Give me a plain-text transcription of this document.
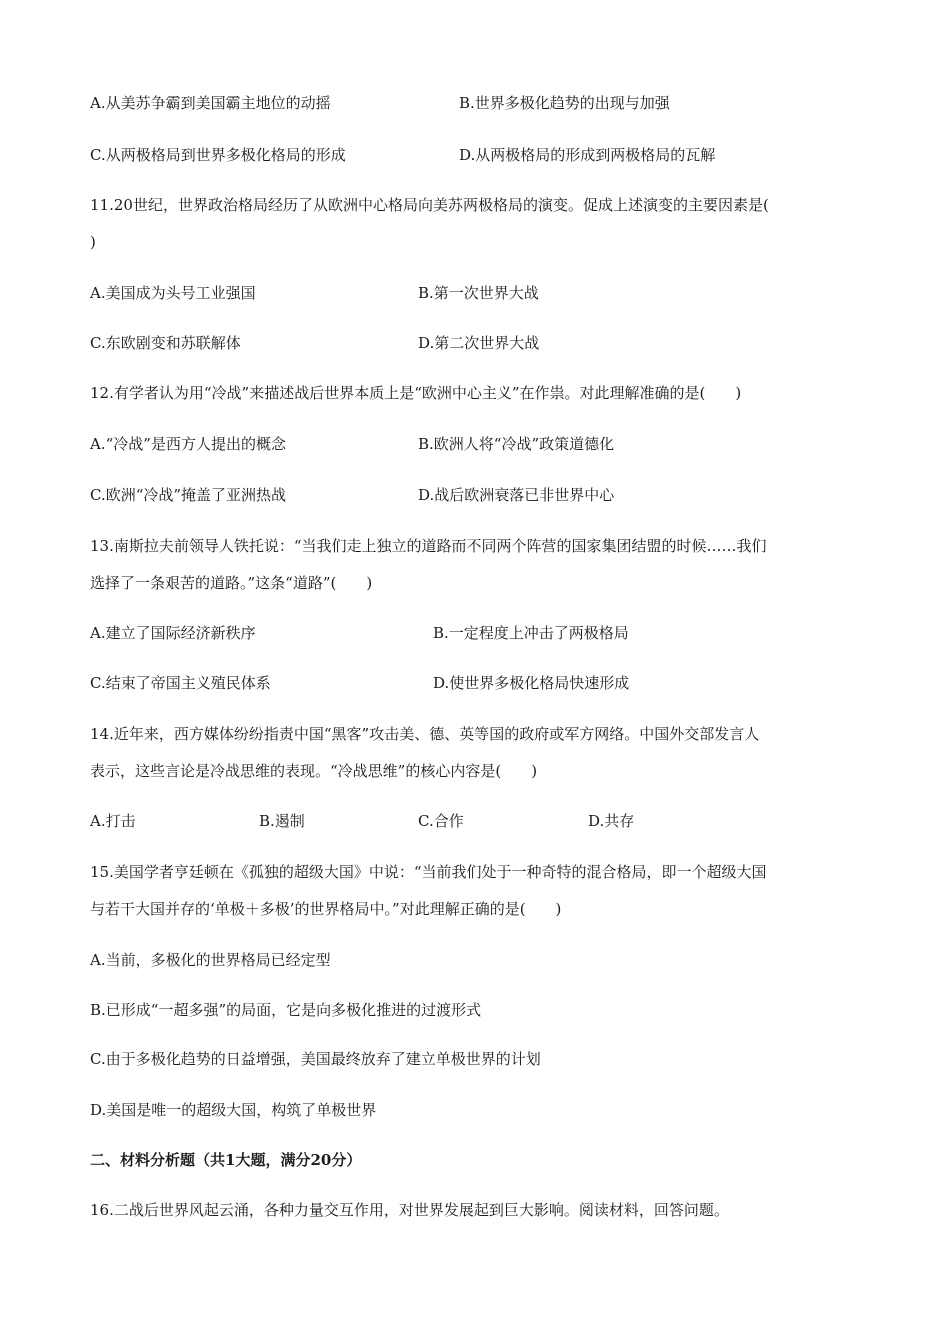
A.从美苏争霸到美国霸主地位的动摇	B.世界多极化趋势的出现与加强
C.从两极格局到世界多极化格局的形成	D.从两极格局的形成到两极格局的瓦解
11.20世纪，世界政治格局经历了从欧洲中心格局向美苏两极格局的演变。促成上述演变的主要因素是(
)
A.美国成为头号工业强国	B.第一次世界大战
C.东欧剧变和苏联解体	D.第二次世界大战
12.有学者认为用“冷战”来描述战后世界本质上是“欧洲中心主义”在作祟。对此理解准确的是(　　)
A.“冷战”是西方人提出的概念	B.欧洲人将“冷战”政策道德化
C.欧洲“冷战”掩盖了亚洲热战	D.战后欧洲衰落已非世界中心
13.南斯拉夫前领导人铁托说：“当我们走上独立的道路而不同两个阵营的国家集团结盟的时候……我们
选择了一条艰苦的道路。”这条“道路”(　　)
A.建立了国际经济新秩序	B.一定程度上冲击了两极格局
C.结束了帝国主义殖民体系	D.使世界多极化格局快速形成
14.近年来，西方媒体纷纷指责中国“黑客”攻击美、德、英等国的政府或军方网络。中国外交部发言人
表示，这些言论是冷战思维的表现。“冷战思维”的核心内容是(　　)
A.打击	B.遏制	C.合作	D.共存
15.美国学者亨廷顿在《孤独的超级大国》中说：“当前我们处于一种奇特的混合格局，即一个超级大国
与若干大国并存的‘单极＋多极’的世界格局中。”对此理解正确的是(　　)
A.当前，多极化的世界格局已经定型
B.已形成“一超多强”的局面，它是向多极化推进的过渡形式
C.由于多极化趋势的日益增强，美国最终放弃了建立单极世界的计划
D.美国是唯一的超级大国，构筑了单极世界
二、材料分析题（共1大题，满分20分）
16.二战后世界风起云涌，各种力量交互作用，对世界发展起到巨大影响。阅读材料，回答问题。
